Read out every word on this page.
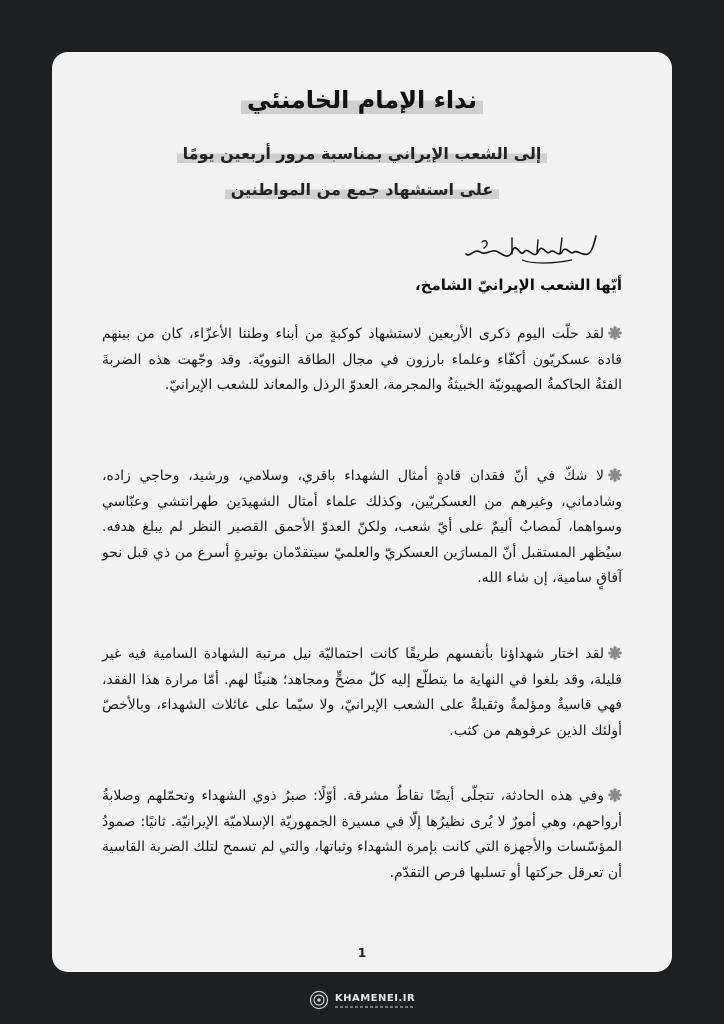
نداء الإمام الخامنئي
إلى الشعب الإيراني بمناسبة مرور أربعين يومًا
على استشهاد جمع من المواطنين
أيّها الشعب الإيرانيّ الشامخ،
لقد حلّت اليوم ذكرى الأربعين لاستشهاد كوكبةٍ من أبناء وطننا الأعزّاء، كان من بينهم قادة عسكريّون أكفّاء وعلماء بارزون في مجال الطاقة النوويّة. وقد وجّهت هذه الضربةَ الفئةُ الحاكمةُ الصهيونيّة الخبيثةُ والمجرمة، العدوّ الرذل والمعاند للشعب الإيرانيّ.
لا شكّ في أنّ فقدان قادةٍ أمثال الشهداء باقري، وسلامي، ورشيد، وحاجي زاده، وشادماني، وغيرهم من العسكريّين، وكذلك علماء أمثال الشهيدَين طهرانتشي وعبّاسي وسواهما، لَمصابٌ أليمٌ على أيّ شعب، ولكنّ العدوّ الأحمق القصير النظر لم يبلغ هدفه. سيُظهر المستقبل أنّ المسارَين العسكريّ والعلميّ سيتقدّمان بوتيرةٍ أسرع من ذي قبل نحو آفاقٍ سامية، إن شاء الله.
لقد اختار شهداؤنا بأنفسهم طريقًا كانت احتماليّة نيل مرتبة الشهادة السامية فيه غير قليلة، وقد بلغوا في النهاية ما يتطلّع إليه كلّ مضحٍّ ومجاهد؛ هنيئًا لهم. أمّا مرارة هذا الفقد، فهي قاسيةٌ ومؤلمةٌ وثقيلةٌ على الشعب الإيرانيّ، ولا سيّما على عائلات الشهداء، وبالأخصّ أولئك الذين عرفوهم من كثب.
وفي هذه الحادثة، تتجلّى أيضًا نقاطٌ مشرقة. أوّلًا: صبرُ ذوي الشهداء وتحمّلهم وصلابةُ أرواحهم، وهي أمورٌ لا يُرى نظيرُها إلّا في مسيرة الجمهوريّة الإسلاميّة الإيرانيّة. ثانيًا: صمودُ المؤسّسات والأجهزة التي كانت بإمرة الشهداء وثباتها، والتي لم تسمح لتلك الضربة القاسية أن تعرقل حركتها أو تسلبها فرص التقدّم.
1
KHAMENEI.IR
